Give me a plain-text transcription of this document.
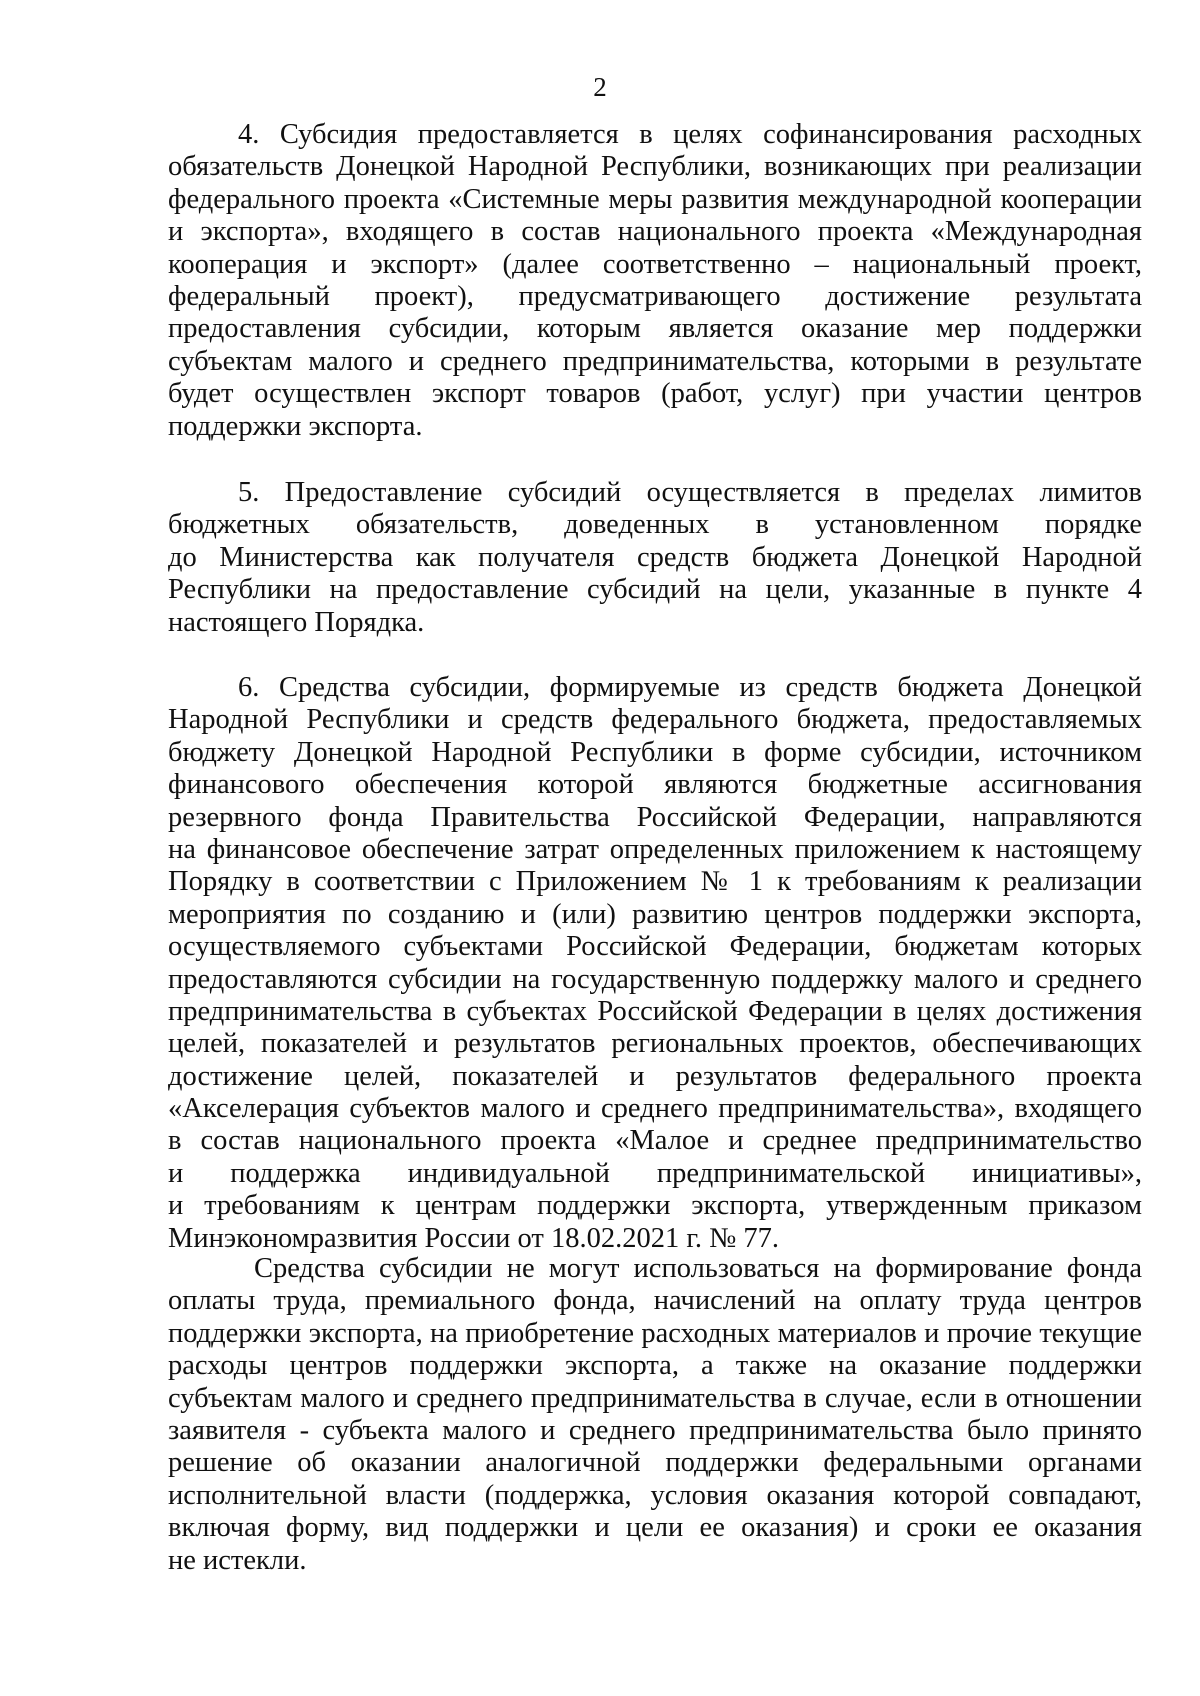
2
4. Субсидия предоставляется в целях софинансирования расходных
обязательств Донецкой Народной Республики, возникающих при реализации
федерального проекта «Системные меры развития международной кооперации
и экспорта», входящего в состав национального проекта «Международная
кооперация и экспорт» (далее соответственно – национальный проект,
федеральный проект), предусматривающего достижение результата
предоставления субсидии, которым является оказание мер поддержки
субъектам малого и среднего предпринимательства, которыми в результате
будет осуществлен экспорт товаров (работ, услуг) при участии центров
поддержки экспорта.
5. Предоставление субсидий осуществляется в пределах лимитов
бюджетных обязательств, доведенных в установленном порядке
до Министерства как получателя средств бюджета Донецкой Народной
Республики на предоставление субсидий на цели, указанные в пункте 4
настоящего Порядка.
6. Средства субсидии, формируемые из средств бюджета Донецкой
Народной Республики и средств федерального бюджета, предоставляемых
бюджету Донецкой Народной Республики в форме субсидии, источником
финансового обеспечения которой являются бюджетные ассигнования
резервного фонда Правительства Российской Федерации, направляются
на финансовое обеспечение затрат определенных приложением к настоящему
Порядку в соответствии с Приложением № 1 к требованиям к реализации
мероприятия по созданию и (или) развитию центров поддержки экспорта,
осуществляемого субъектами Российской Федерации, бюджетам которых
предоставляются субсидии на государственную поддержку малого и среднего
предпринимательства в субъектах Российской Федерации в целях достижения
целей, показателей и результатов региональных проектов, обеспечивающих
достижение целей, показателей и результатов федерального проекта
«Акселерация субъектов малого и среднего предпринимательства», входящего
в состав национального проекта «Малое и среднее предпринимательство
и поддержка индивидуальной предпринимательской инициативы»,
и требованиям к центрам поддержки экспорта, утвержденным приказом
Минэкономразвития России от 18.02.2021 г. № 77.
Средства субсидии не могут использоваться на формирование фонда
оплаты труда, премиального фонда, начислений на оплату труда центров
поддержки экспорта, на приобретение расходных материалов и прочие текущие
расходы центров поддержки экспорта, а также на оказание поддержки
субъектам малого и среднего предпринимательства в случае, если в отношении
заявителя - субъекта малого и среднего предпринимательства было принято
решение об оказании аналогичной поддержки федеральными органами
исполнительной власти (поддержка, условия оказания которой совпадают,
включая форму, вид поддержки и цели ее оказания) и сроки ее оказания
не истекли.
